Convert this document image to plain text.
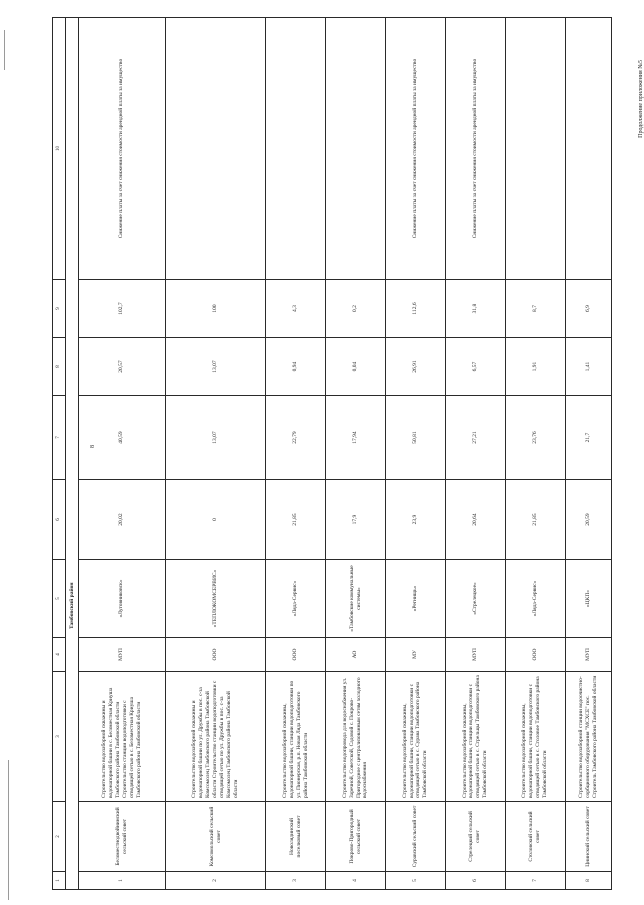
8
Продолжение приложения №5
1	2	3	4	5	6	7	8	9	10
Тамбовский район									
1	Беломестнодвойнинский сельский совет	Строительство водозаборной скважины и водонапорной башни в с. Беломестная Криуша Тамбовского района Тамбовской области Строительство станции водоподготовки с отводящей сетью в с. Беломестная Криуша Тамбовского района Тамбовской области	МУП	«Луговниковск»	20,02	40,59	20,57	102,7	Снижение платы за счет снижения стоимости арендной платы за имущество
2	Комсомольский сельский совет	Строительство водозаборной скважины и водонапорной башни по ул. Дружбы в пос. с-за Комсомолец Тамбовского района Тамбовской области Строительство станции водоподготовки с отводящей сетью по ул. Дружбы в пос. с-за Комсомолец Тамбовского района Тамбовской области	ООО	«ТЕПЛОКОМСЕРВИС»	0	13,07	13,07	100	
3	Новолядинский поселковый совет	Строительство водозаборной скважины, водонапорной башни, станции водоподготовки по ул. Пионерская, р.п. Новая Ляда Тамбовского района Тамбовской области	ООО	«Ляда-Сервис»	21,85	22,79	0,94	4,3	
4	Покрово-Пригородный сельский совет	Строительство водопровода для водоснабжения ул. Заречной, Советской, Садовой с. Покрово-Пригородное с централизованным сетям холодного водоснабжения	АО	«Тамбовские коммунальные системы»	17,9	17,94	0,04	0,2	
5	Суравский сельский совет	Строительство водозаборной скважины, водонапорной башни, станции водоподготовки с отводящей сетью в с. Сурава Тамбовского района Тамбовской области	МУ	«Регнищь»	23,9	50,81	26,91	112,6	Снижение платы за счет снижения стоимости арендной платы за имущество
6	Стрелецкий сельский совет	Строительство водозаборной скважины, водонапорной башни, станции водоподготовки с отводящей сетью в с. Стрельцы Тамбовского района Тамбовской области	МУП	«Стрелецкое»	20,64	27,21	6,57	31,8	Снижение платы за счет снижения стоимости арендной платы за имущество
7	Столовский сельский совет	Строительство водозаборной скважины, водонапорной башни, станции водоподготовки с отводящей сетью в с. Столовое Тамбовского района Тамбовской области	ООО	«Ляда-Сервис»	21,85	23,76	1,91	8,7	
8	Цнинский сельский совет	Строительство водозаборной станции водоочистно-сорбционного оборудования "МСХСЕ" пос. Строитель Тамбовского района Тамбовской области	МУП	«ЦКП»	20,59	21,7	1,41	6,9	
